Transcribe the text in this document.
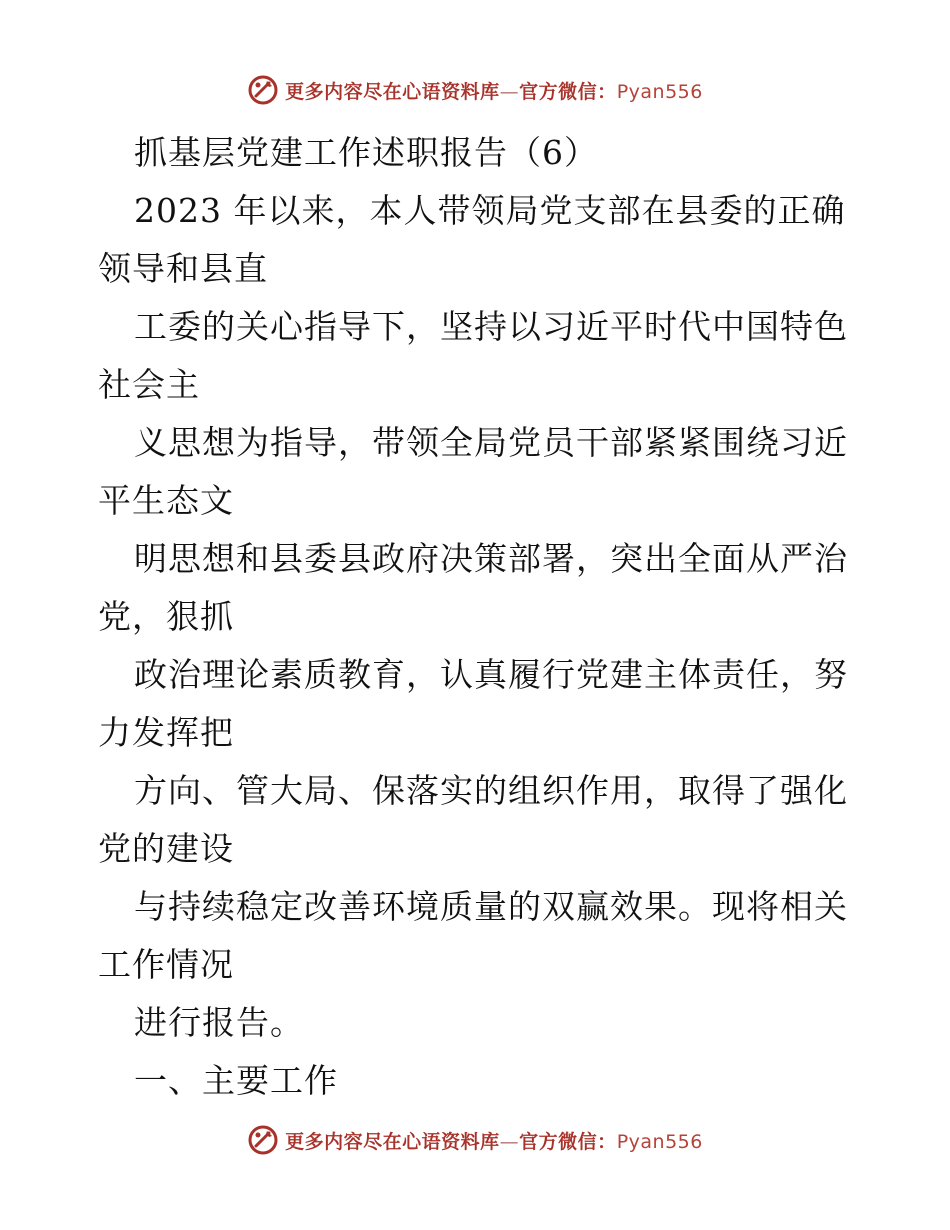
更多内容尽在心语资料库—官方微信：Pyan556
抓基层党建工作述职报告（6）
2023 年以来，本人带领局党支部在县委的正确
领导和县直
工委的关心指导下，坚持以习近平时代中国特色
社会主
义思想为指导，带领全局党员干部紧紧围绕习近
平生态文
明思想和县委县政府决策部署，突出全面从严治
党，狠抓
政治理论素质教育，认真履行党建主体责任，努
力发挥把
方向、管大局、保落实的组织作用，取得了强化
党的建设
与持续稳定改善环境质量的双赢效果。现将相关
工作情况
进行报告。
一、主要工作
更多内容尽在心语资料库—官方微信：Pyan556
